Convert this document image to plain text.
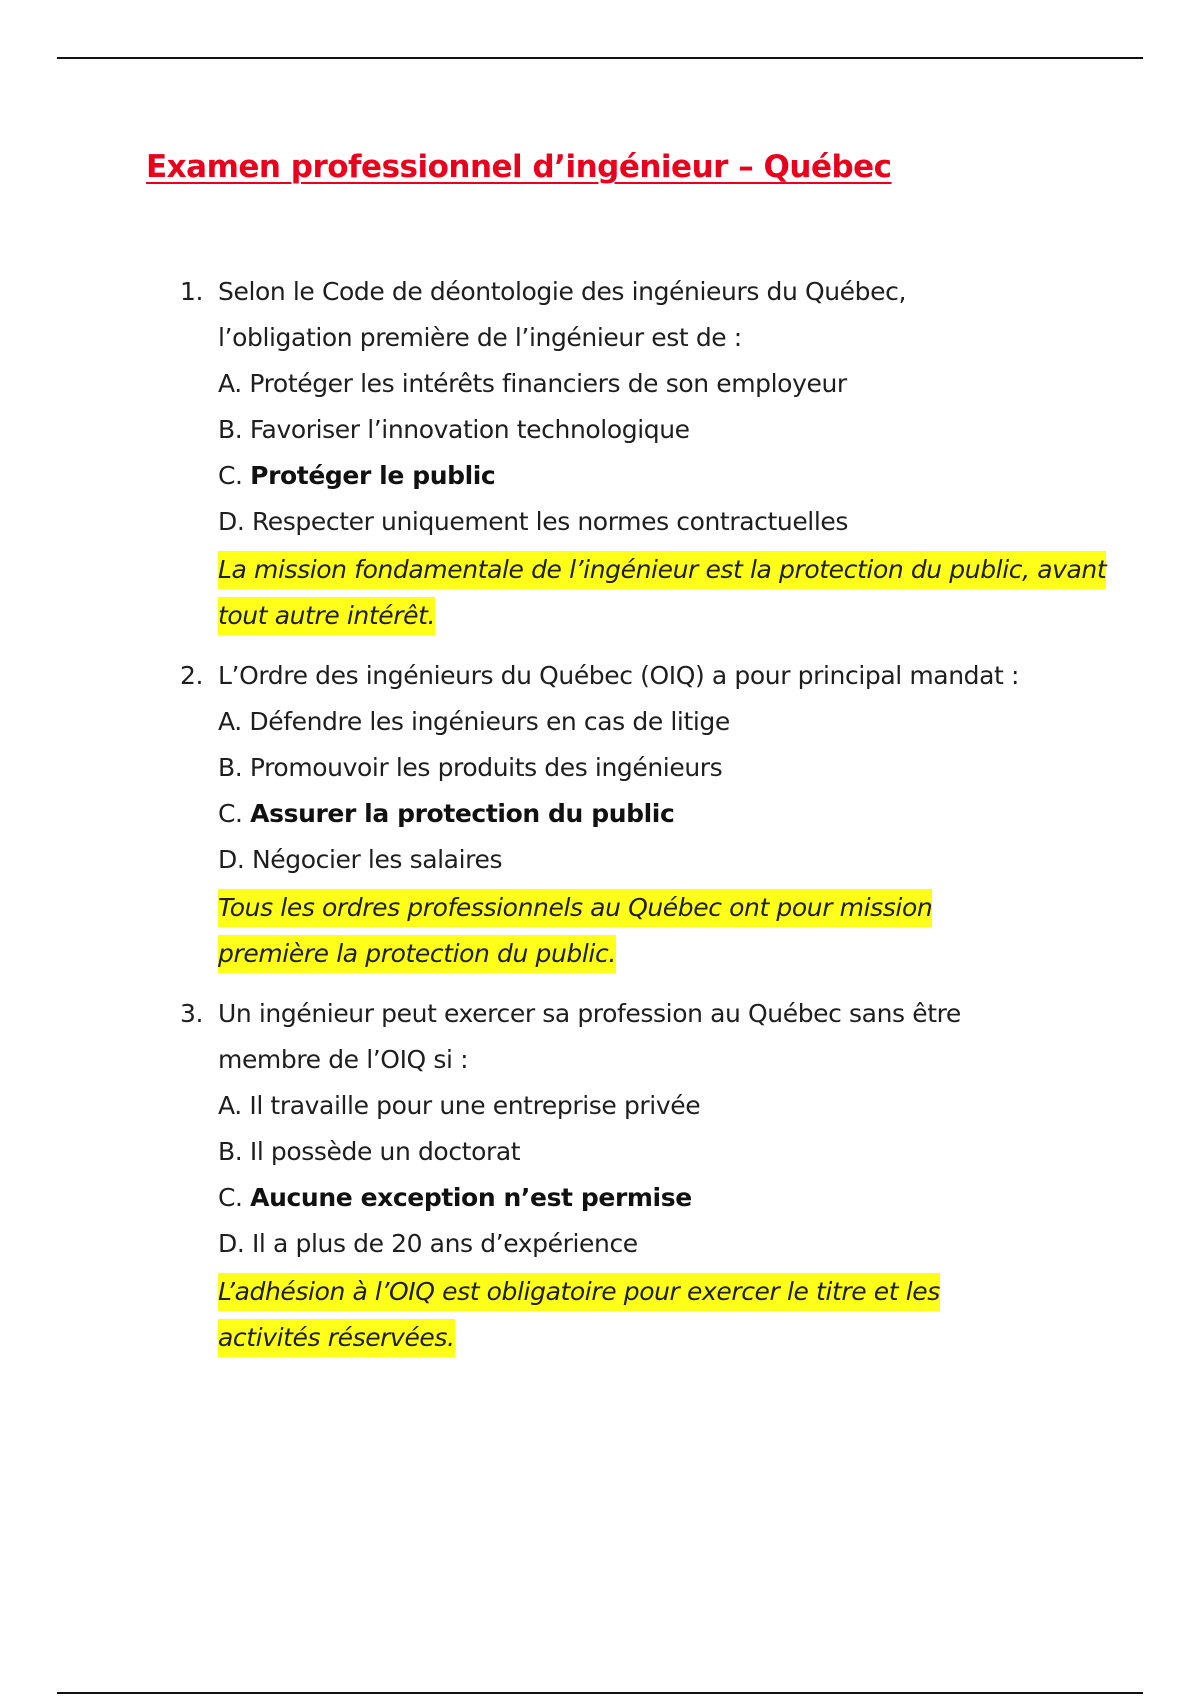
Examen professionnel d’ingénieur – Québec
1. Selon le Code de déontologie des ingénieurs du Québec, l’obligation première de l’ingénieur est de :
A. Protéger les intérêts financiers de son employeur
B. Favoriser l’innovation technologique
C. Protéger le public
D. Respecter uniquement les normes contractuelles
La mission fondamentale de l’ingénieur est la protection du public, avant tout autre intérêt.
2. L’Ordre des ingénieurs du Québec (OIQ) a pour principal mandat :
A. Défendre les ingénieurs en cas de litige
B. Promouvoir les produits des ingénieurs
C. Assurer la protection du public
D. Négocier les salaires
Tous les ordres professionnels au Québec ont pour mission première la protection du public.
3. Un ingénieur peut exercer sa profession au Québec sans être membre de l’OIQ si :
A. Il travaille pour une entreprise privée
B. Il possède un doctorat
C. Aucune exception n’est permise
D. Il a plus de 20 ans d’expérience
L’adhésion à l’OIQ est obligatoire pour exercer le titre et les activités réservées.
